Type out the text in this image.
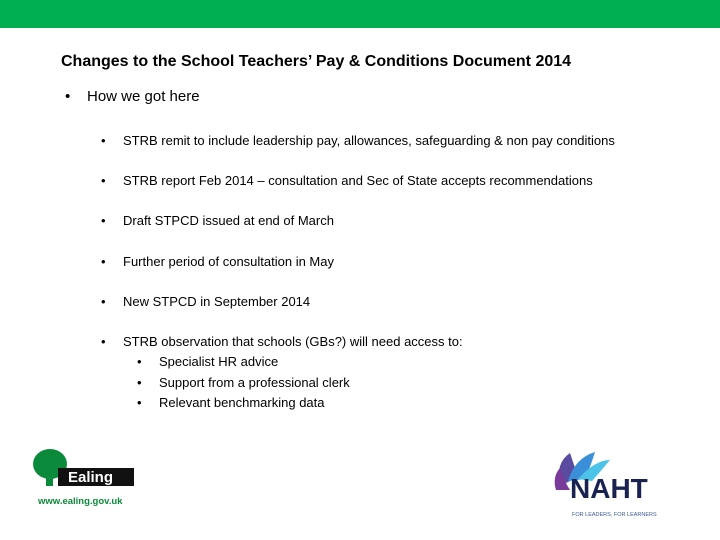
Changes to the School Teachers’ Pay & Conditions Document 2014
• How we got here
• STRB remit to include leadership pay, allowances, safeguarding & non pay conditions
• STRB report Feb 2014 – consultation and Sec of State accepts recommendations
• Draft STPCD issued at end of March
• Further period of consultation in May
• New STPCD in September 2014
• STRB observation that schools (GBs?) will need access to:
• Specialist HR advice
• Support from a professional clerk
• Relevant benchmarking data
Ealing
www.ealing.gov.uk	NAHT
FOR LEADERS, FOR LEARNERS
